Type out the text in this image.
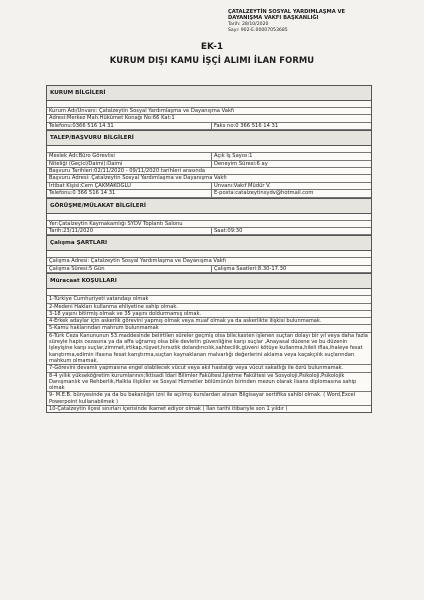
ÇATALZEYTİN SOSYAL YARDIMLAŞMA VE
DAYANIŞMA VAKFI BAŞKANLIĞI
Tarih: 28/10/2020
Sayı: 902-E.00007053685
EK-1
KURUM DIŞI KAMU İŞÇİ ALIMI İLAN FORMU
KURUM BİLGİLERİ
Kurum Adı/Unvanı: Çatalzeytin Sosyal Yardımlaşma ve Dayanışma Vakfı
Adresi:Merkez Mah.Hükümet Konağı No:66 Kat:1
Telefonu:0366 516 14 31	Faks no:0 366 516 14 31
TALEP/BAŞVURU BİLGİLERİ
Meslek Adı:Büro Görevlisi	Açık İş Sayısı:1
Niteliği (Geçici/Daimi):Daimi	Deneyim Süresi:6 ay
Başvuru Tarihleri:02/11/2020 - 09/11/2020 tarihleri arasında
Başvuru Adresi: Çatalzeytin Sosyal Yardımlaşma ve Dayanışma Vakfı
İrtibat Kişisi:Cem ÇAKMAKOĞLU	Unvanı:Vakıf Müdür V.
Telefonu:0 366 516 14 31	E-posta:catalzeytinsydv@hotmail.com
GÖRÜŞME/MÜLAKAT BİLGİLERİ
Yer:Çatalzeytin Kaymakamlığı SYDV Toplantı Salonu
Tarih:23/11/2020	Saat:09:30
Çalışma ŞARTLARI
Çalışma Adresi: Çatalzeytin Sosyal Yardımlaşma ve Dayanışma Vakfı
Çalışma Süresi:5 Gün	Çalışma Saatleri:8.30-17.30
Müracaat KOŞULLARI
1-Türkiye Cumhuriyeti vatandaşı olmak
2-Medeni Hakları kullanma ehliyetine sahip olmak.
3-18 yaşını bitirmiş olmak ve 35 yaşını doldurmamış olmak.
4-Erkek adaylar için askerlik görevini yapmış olmak veya muaf olmak ya da askerlikte ilişkisi bulunmamak.
5-Kamu haklarından mahrum bulunmamak
6-Türk Ceza Kanununun 53.maddesinde belirtilen süreler geçmiş olsa bile;kasten işlenen suçtan dolayı bir yıl veya daha fazla süreyle hapis cezasına ya da affa uğramış olsa bile devletin güvenliğine karşı suçlar ,Anayasal düzene ve bu düzenin işleyişine karşı suçlar,zimmet,irtikap,rüşvet,hırsızlık dolandırıcılık,sahtecilik,güveni kötüye kullanma,hileli iflas,ihaleye fesat karıştırma,edimin ifasına fesat karıştırma,suçtan kaynaklanan malvarlığı değerlerini aklama veya kaçakçılık suçlarından mahkum olmamak.
7-Görevini devamlı yapmasına engel olabilecek vücut veya akıl hastalığı veya vücut sakatlığı ile özrü bulunmamak.
8-4 yıllık yükseköğretim kurumlarının;İktisadi İdari Bilimler Fakültesi,İşletme Fakültesi ve Sosyoloji,Psikoloji,Psikolojik Danışmanlık ve Rehberlik,Halkla ilişkiler ve Sosyal Hizmetler bölümünün birinden mezun olarak lisans diplomasına sahip olmak
9- M.E.B. bünyesinde ya da bu bakanlığın izni ile açılmış kurslardan alınan Bilgisayar sertifika sahibi olmak. ( Word,Excel Powerpoint kullanabilmek )
10-Çatalzeytin ilçesi sınırları içerisinde ikamet ediyor olmak ( İlan tarihi itibariyle son 1 yıldır )
